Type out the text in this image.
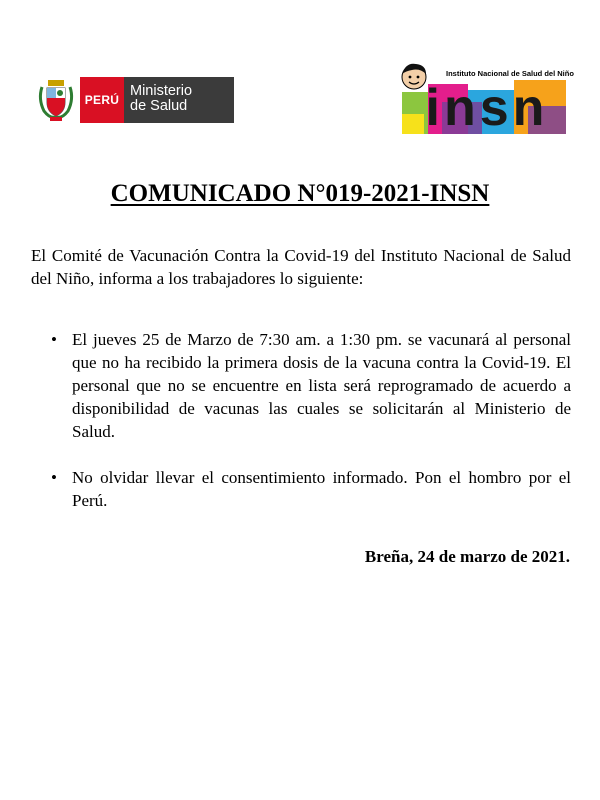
PERÚ
Ministerio
de Salud
Instituto Nacional de Salud del Niño
insn
COMUNICADO N°019-2021-INSN
El Comité de Vacunación Contra la Covid-19 del Instituto Nacional de Salud del Niño, informa a los trabajadores lo siguiente:
• El jueves 25 de Marzo de 7:30 am. a 1:30 pm. se vacunará al personal que no ha recibido la primera dosis de la vacuna contra la Covid-19. El personal que no se encuentre en lista será reprogramado de acuerdo a disponibilidad de vacunas las cuales se solicitarán al Ministerio de Salud.
• No olvidar llevar el consentimiento informado. Pon el hombro por el Perú.
Breña, 24 de marzo de 2021.
